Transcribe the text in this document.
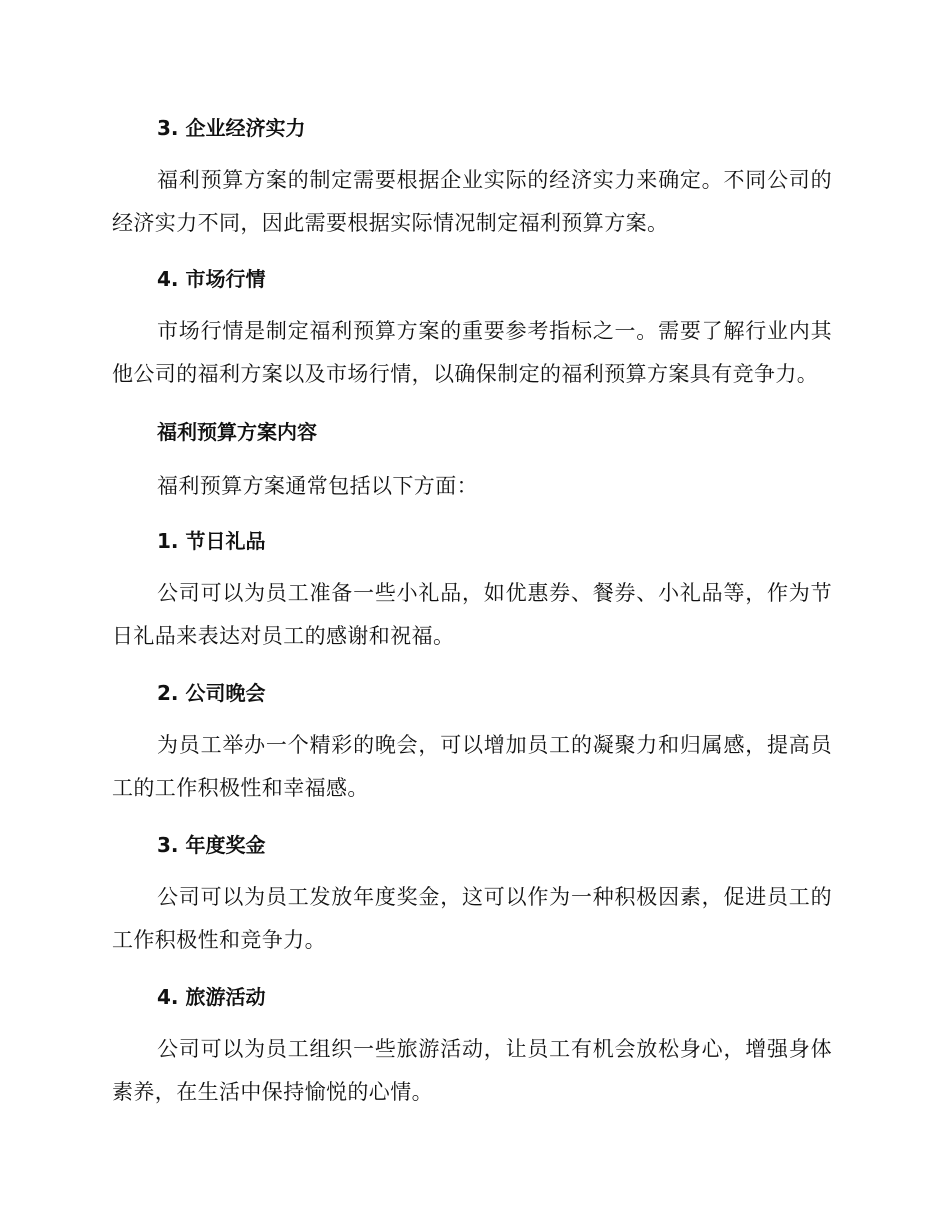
3. 企业经济实力
福利预算方案的制定需要根据企业实际的经济实力来确定。不同公司的经济实力不同，因此需要根据实际情况制定福利预算方案。
4. 市场行情
市场行情是制定福利预算方案的重要参考指标之一。需要了解行业内其他公司的福利方案以及市场行情，以确保制定的福利预算方案具有竞争力。
福利预算方案内容
福利预算方案通常包括以下方面：
1. 节日礼品
公司可以为员工准备一些小礼品，如优惠券、餐券、小礼品等，作为节日礼品来表达对员工的感谢和祝福。
2. 公司晚会
为员工举办一个精彩的晚会，可以增加员工的凝聚力和归属感，提高员工的工作积极性和幸福感。
3. 年度奖金
公司可以为员工发放年度奖金，这可以作为一种积极因素，促进员工的工作积极性和竞争力。
4. 旅游活动
公司可以为员工组织一些旅游活动，让员工有机会放松身心，增强身体素养，在生活中保持愉悦的心情。
